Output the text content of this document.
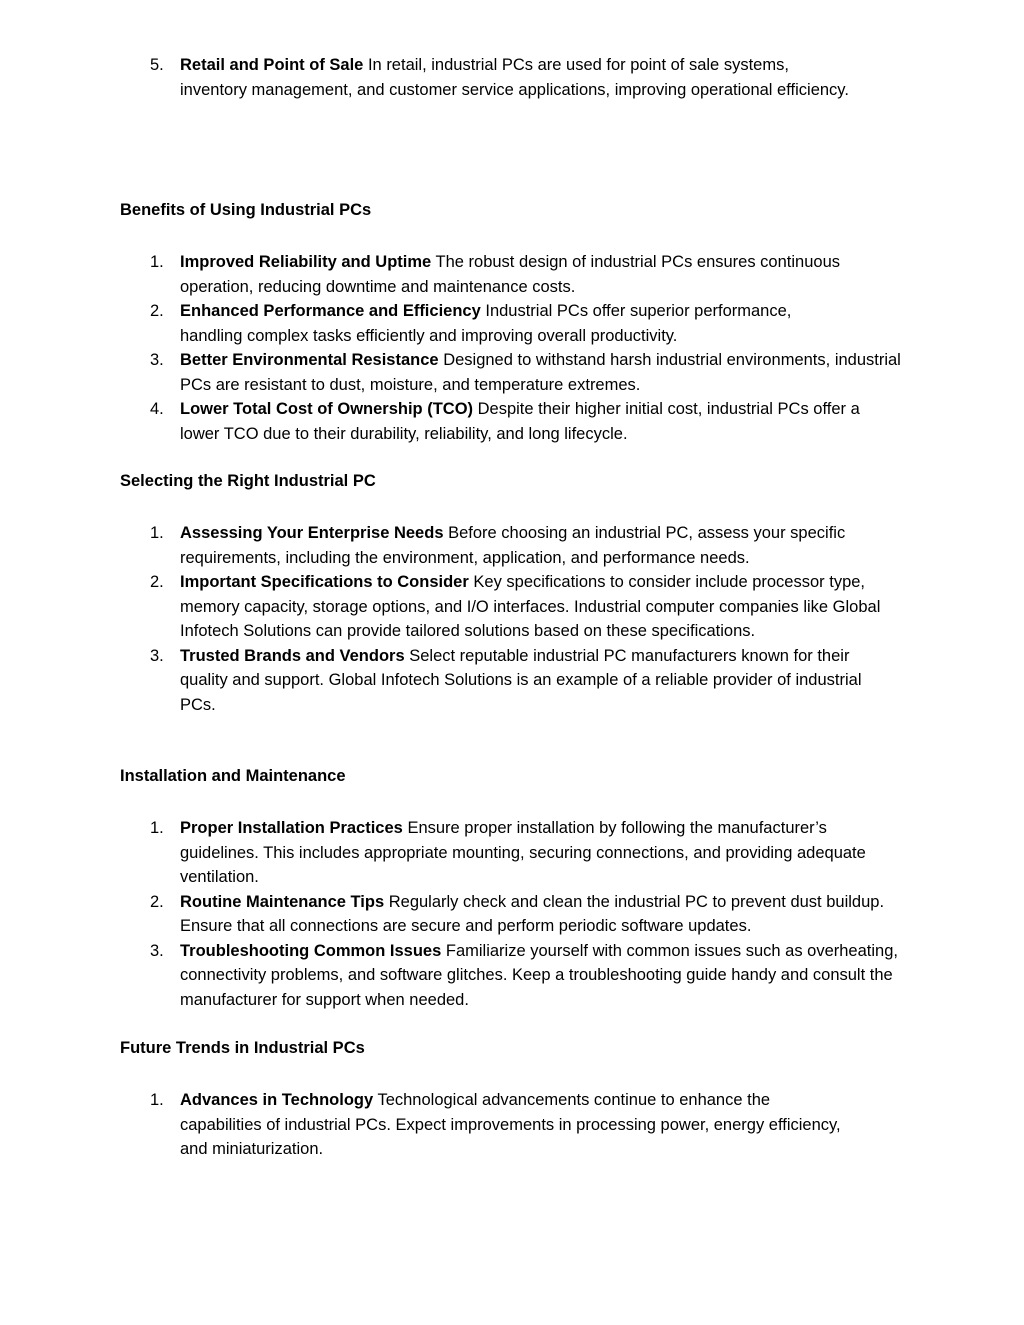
5. Retail and Point of Sale In retail, industrial PCs are used for point of sale systems, inventory management, and customer service applications, improving operational efficiency.
Benefits of Using Industrial PCs
1. Improved Reliability and Uptime The robust design of industrial PCs ensures continuous operation, reducing downtime and maintenance costs.
2. Enhanced Performance and Efficiency Industrial PCs offer superior performance, handling complex tasks efficiently and improving overall productivity.
3. Better Environmental Resistance Designed to withstand harsh industrial environments, industrial PCs are resistant to dust, moisture, and temperature extremes.
4. Lower Total Cost of Ownership (TCO) Despite their higher initial cost, industrial PCs offer a lower TCO due to their durability, reliability, and long lifecycle.
Selecting the Right Industrial PC
1. Assessing Your Enterprise Needs Before choosing an industrial PC, assess your specific requirements, including the environment, application, and performance needs.
2. Important Specifications to Consider Key specifications to consider include processor type, memory capacity, storage options, and I/O interfaces. Industrial computer companies like Global Infotech Solutions can provide tailored solutions based on these specifications.
3. Trusted Brands and Vendors Select reputable industrial PC manufacturers known for their quality and support. Global Infotech Solutions is an example of a reliable provider of industrial PCs.
Installation and Maintenance
1. Proper Installation Practices Ensure proper installation by following the manufacturer’s guidelines. This includes appropriate mounting, securing connections, and providing adequate ventilation.
2. Routine Maintenance Tips Regularly check and clean the industrial PC to prevent dust buildup. Ensure that all connections are secure and perform periodic software updates.
3. Troubleshooting Common Issues Familiarize yourself with common issues such as overheating, connectivity problems, and software glitches. Keep a troubleshooting guide handy and consult the manufacturer for support when needed.
Future Trends in Industrial PCs
1. Advances in Technology Technological advancements continue to enhance the capabilities of industrial PCs. Expect improvements in processing power, energy efficiency, and miniaturization.
